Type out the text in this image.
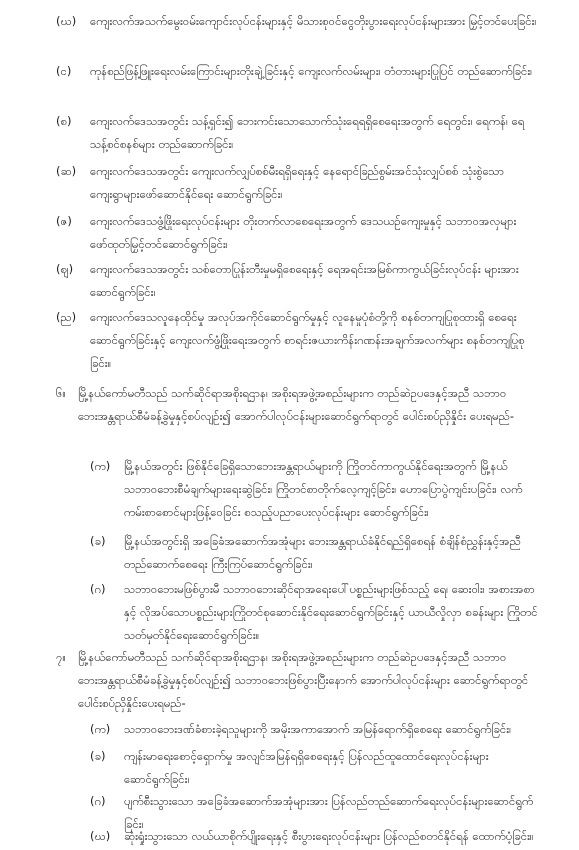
(ဃ) ကျေးလက်အသက်မွေးဝမ်းကျောင်းလုပ်ငန်းများနှင့် မိသားစုဝင်ငွေတိုးပွားရေးလုပ်ငန်းများအား မြှင့်တင်ပေးခြင်း၊
(င) ကုန်စည်ဖြန့်ဖြူးရေးလမ်းကြောင်းများတိုးချဲ့ခြင်းနှင့် ကျေးလက်လမ်းများ၊ တံတားများပြုပြင် တည်ဆောက်ခြင်း၊
(စ) ကျေးလက်ဒေသအတွင်း သန့်ရှင်း၍ ဘေးကင်းသောသောက်သုံးရေရရှိစေရေးအတွက် ရေတွင်း၊ ရေကန်၊ ရေသန့်စင်စနစ်များ တည်ဆောက်ခြင်း၊
(ဆ) ကျေးလက်ဒေသအတွင်း ကျေးလက်လျှပ်စစ်မီးရရှိရေးနှင့် နေရောင်ခြည်စွမ်းအင်သုံးလျှပ်စစ် သုံးစွဲသော ကျေးရွာများဖော်ဆောင်နိုင်ရေး ဆောင်ရွက်ခြင်း၊
(ဇ) ကျေးလက်ဒေသဖွံ့ဖြိုးရေးလုပ်ငန်းများ တိုးတက်လာစေရေးအတွက် ဒေသယဉ်ကျေးမှုနှင့် သဘာဝအလှများ ဖော်ထုတ်မြှင့်တင်ဆောင်ရွက်ခြင်း၊
(ဈ) ကျေးလက်ဒေသအတွင်း သစ်တောပြုန်းတီးမှုမရှိစေရေးနှင့် ရေအရင်းအမြစ်ကာကွယ်ခြင်းလုပ်ငန်း များအား ဆောင်ရွက်ခြင်း၊
(ည) ကျေးလက်ဒေသလူနေထိုင်မှု အလုပ်အကိုင်ဆောင်ရွက်မှုနှင့် လူနေမှုပုံစံတို့ကို စနစ်တကျပြုစုထားရှိ စေရေးဆောင်ရွက်ခြင်းနှင့် ကျေးလက်ဖွံ့ဖြိုးရေးအတွက် စာရင်းဇယားကိန်းဂဏန်းအချက်အလက်များ စနစ်တကျပြုစုခြင်း။
၆။	မြို့နယ်ကော်မတီသည် သက်ဆိုင်ရာအစိုးရဌာန၊ အစိုးရအဖွဲ့အစည်းများက တည်ဆဲဥပဒေနှင့်အညီ သဘာဝဘေးအန္တရာယ်စီမံခန့်ခွဲမှုနှင့်စပ်လျဉ်း၍ အောက်ပါလုပ်ငန်းများဆောင်ရွက်ရာတွင် ပေါင်းစပ်ညှိနှိုင်း ပေးရမည်-
(က) မြို့နယ်အတွင်း ဖြစ်နိုင်ခြေရှိသောဘေးအန္တရာယ်များကို ကြိုတင်ကာကွယ်နိုင်ရေးအတွက် မြို့နယ် သဘာဝဘေးစီမံချက်များရေးဆွဲခြင်း၊ ကြိုတင်စာတိုက်လေ့ကျင့်ခြင်း၊ ဟောပြောပွဲကျင်းပခြင်း၊ လက်ကမ်းစာစောင်များဖြန့်ဝေခြင်း စသည့်ပညာပေးလုပ်ငန်းများ ဆောင်ရွက်ခြင်း၊
(ခ) မြို့နယ်အတွင်းရှိ အခြေခံအဆောက်အအုံများ ဘေးအန္တရာယ်ခံနိုင်ရည်ရှိစေရန် စံချိန်စံညွှန်းနှင့်အညီ တည်ဆောက်စေရေး ကြီးကြပ်ဆောင်ရွက်ခြင်း၊
(ဂ) သဘာဝဘေးမဖြစ်ပွားမီ သဘာဝဘေးဆိုင်ရာအရေးပေါ်ပစ္စည်းများဖြစ်သည့် ရေ၊ ဆေးဝါး၊ အစားအစာနှင့် လိုအပ်သောပစ္စည်းများကြိုတင်စုဆောင်းနိုင်ရေးဆောင်ရွက်ခြင်းနှင့် ယာယီလှိုလှာ စခန်းများ ကြိုတင်သတ်မှတ်နိုင်ရေးဆောင်ရွက်ခြင်း။
၇။	မြို့နယ်ကော်မတီသည် သက်ဆိုင်ရာအစိုးရဌာန၊ အစိုးရအဖွဲ့အစည်းများက တည်ဆဲဥပဒေနှင့်အညီ သဘာဝဘေးအန္တရာယ်စီမံခန့်ခွဲမှုနှင့်စပ်လျဉ်း၍ သဘာဝဘေးဖြစ်ပွားပြီးနောက် အောက်ပါလုပ်ငန်းများ ဆောင်ရွက်ရာတွင် ပေါင်းစပ်ညှိနှိုင်းပေးရမည်-
(က) သဘာဝဘေးဒဏ်ခံစားခဲ့ရသူများကို အမိုးအကာအောက် အမြန်ရောက်ရှိစေရေး ဆောင်ရွက်ခြင်း၊
(ခ) ကျန်းမာရေးစောင့်ရှောက်မှု အလျင်အမြန်ရရှိစေရေးနှင့် ပြန်လည်ထူထောင်ရေးလုပ်ငန်းများ ဆောင်ရွက်ခြင်း၊
(ဂ) ပျက်စီးသွားသော အခြေခံအဆောက်အအုံများအား ပြန်လည်တည်ဆောက်ရေးလုပ်ငန်းများဆောင်ရွက် ခြင်း၊
(ဃ) ဆုံးရှုံးသွားသော လယ်ယာစိုက်ပျိုးရေးနှင့် စီးပွားရေးလုပ်ငန်းများ ပြန်လည်စတင်နိုင်ရန် ထောက်ပံ့ခြင်း။
